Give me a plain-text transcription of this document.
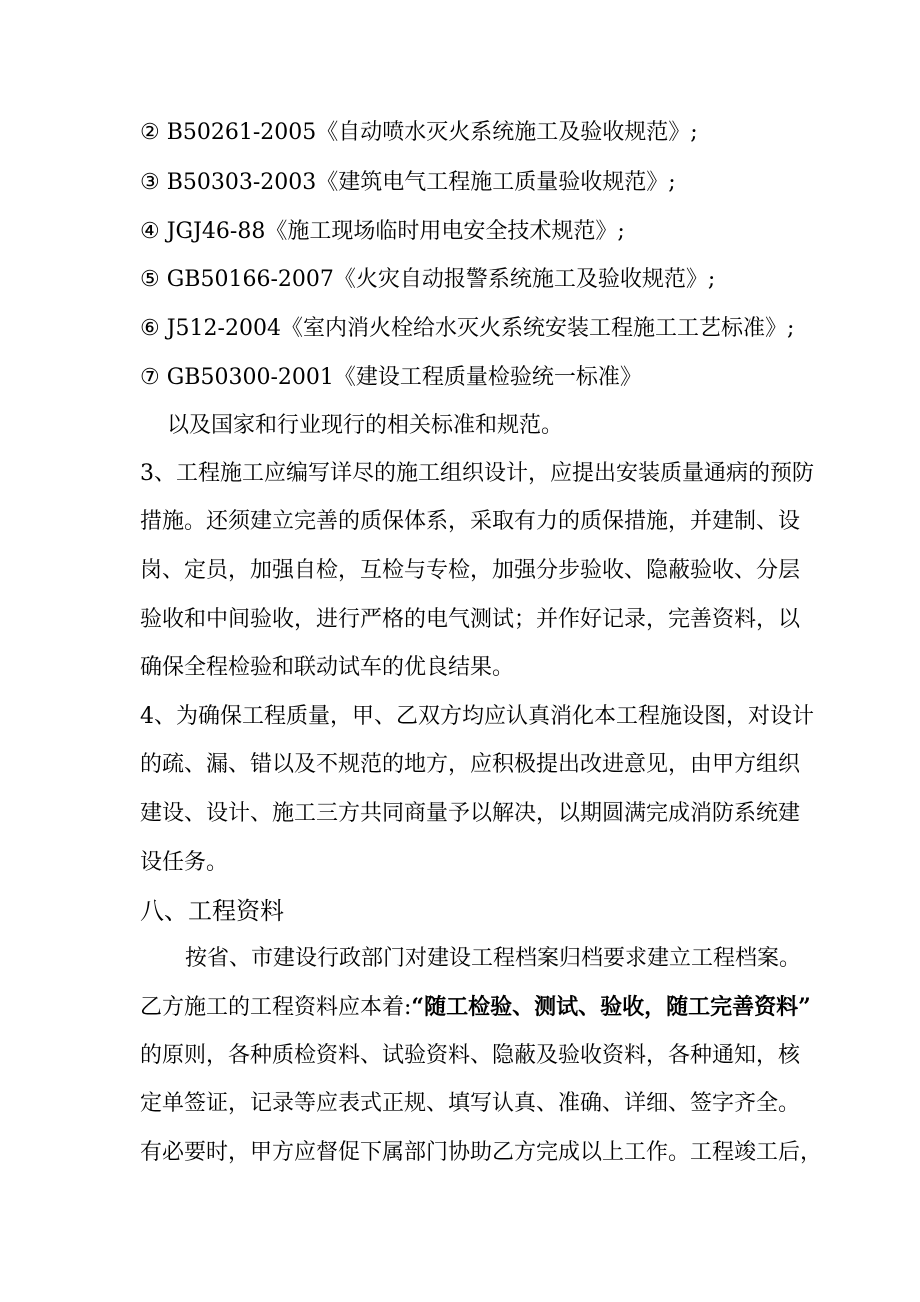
② B50261-2005《自动喷水灭火系统施工及验收规范》;
③ B50303-2003《建筑电气工程施工质量验收规范》;
④ JGJ46-88《施工现场临时用电安全技术规范》;
⑤ GB50166-2007《火灾自动报警系统施工及验收规范》;
⑥ J512-2004《室内消火栓给水灭火系统安装工程施工工艺标准》;
⑦ GB50300-2001《建设工程质量检验统一标准》
以及国家和行业现行的相关标准和规范。
3、工程施工应编写详尽的施工组织设计，应提出安装质量通病的预防
措施。还须建立完善的质保体系，采取有力的质保措施，并建制、设
岗、定员，加强自检，互检与专检，加强分步验收、隐蔽验收、分层
验收和中间验收，进行严格的电气测试；并作好记录，完善资料，以
确保全程检验和联动试车的优良结果。
4、为确保工程质量，甲、乙双方均应认真消化本工程施设图，对设计
的疏、漏、错以及不规范的地方，应积极提出改进意见，由甲方组织
建设、设计、施工三方共同商量予以解决，以期圆满完成消防系统建
设任务。
八、工程资料
按省、市建设行政部门对建设工程档案归档要求建立工程档案。
乙方施工的工程资料应本着:“随工检验、测试、验收，随工完善资料”
的原则，各种质检资料、试验资料、隐蔽及验收资料，各种通知，核
定单签证，记录等应表式正规、填写认真、准确、详细、签字齐全。
有必要时，甲方应督促下属部门协助乙方完成以上工作。工程竣工后，
